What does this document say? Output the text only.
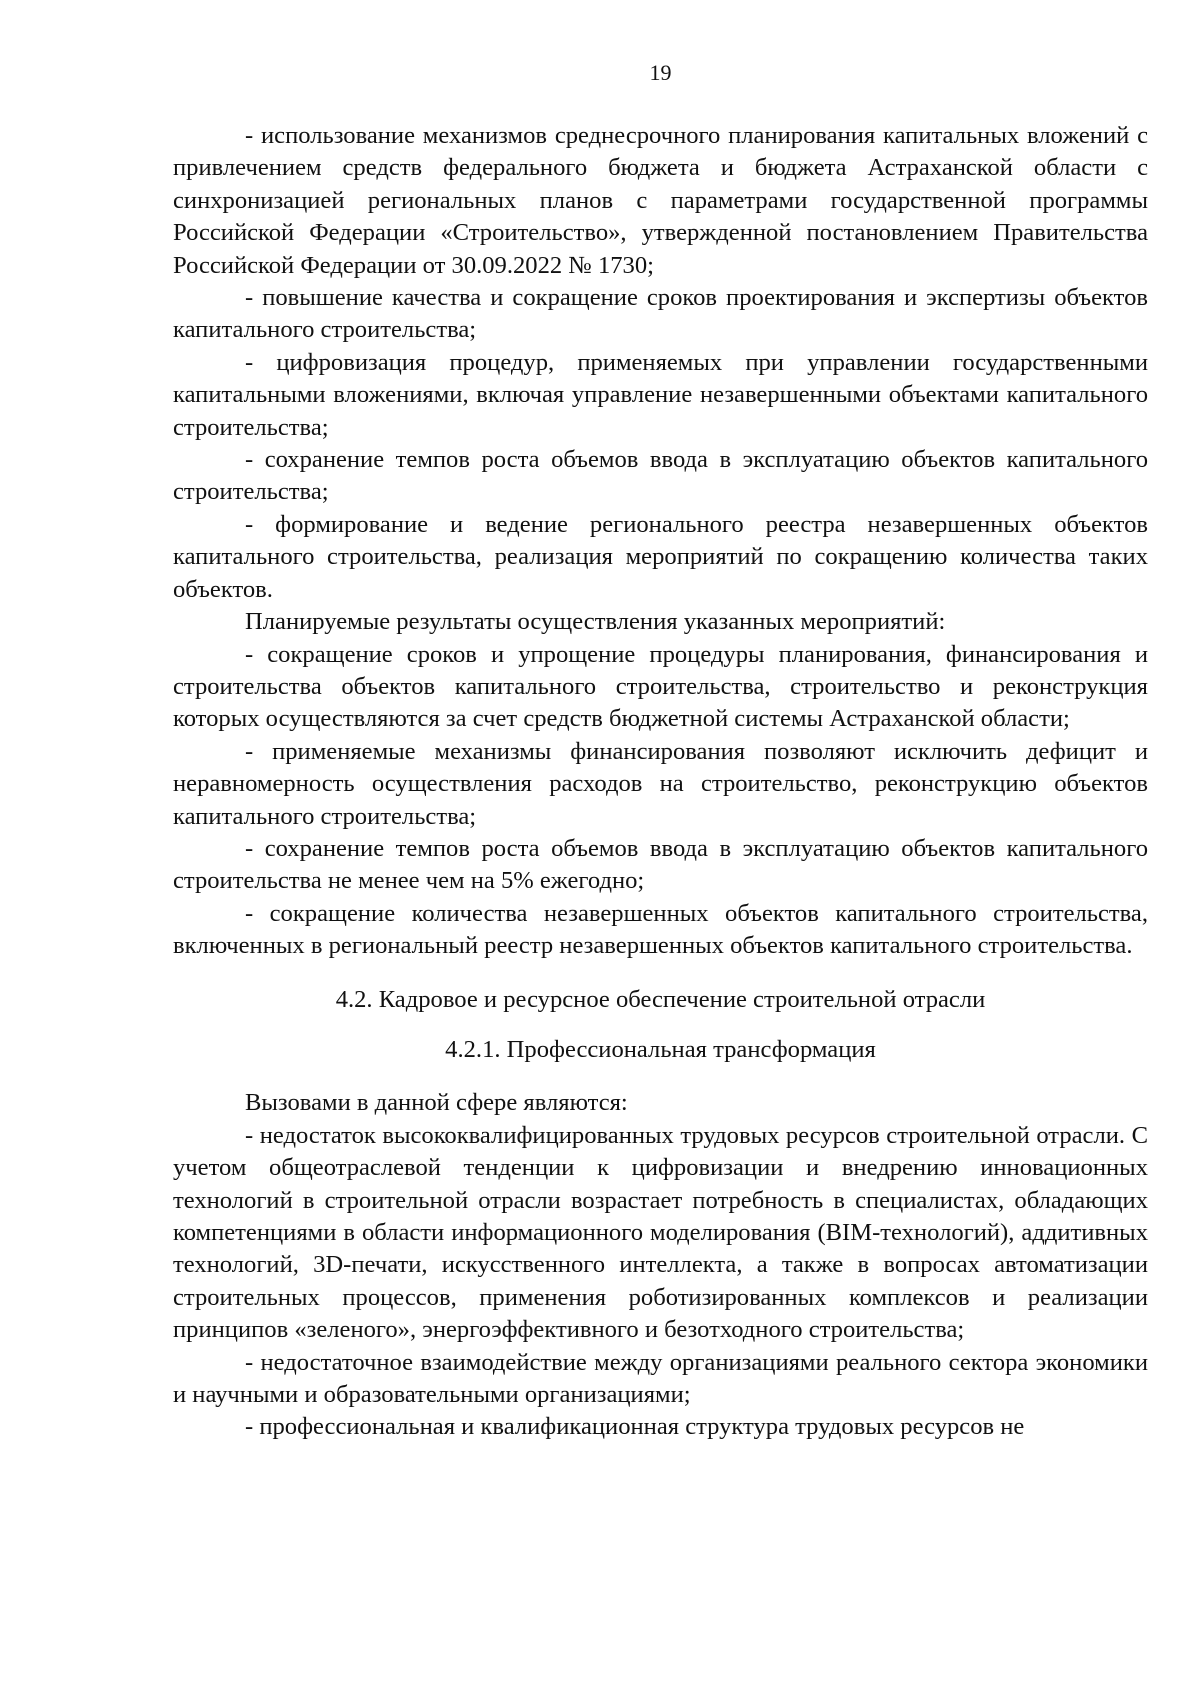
19

- использование механизмов среднесрочного планирования капитальных вложений с привлечением средств федерального бюджета и бюджета Астраханской области с синхронизацией региональных планов с параметрами государственной программы Российской Федерации «Строительство», утвержденной постановлением Правительства Российской Федерации от 30.09.2022 № 1730;

- повышение качества и сокращение сроков проектирования и экспертизы объектов капитального строительства;

- цифровизация процедур, применяемых при управлении государственными капитальными вложениями, включая управление незавершенными объектами капитального строительства;

- сохранение темпов роста объемов ввода в эксплуатацию объектов капитального строительства;

- формирование и ведение регионального реестра незавершенных объектов капитального строительства, реализация мероприятий по сокращению количества таких объектов.

Планируемые результаты осуществления указанных мероприятий:

- сокращение сроков и упрощение процедуры планирования, финансирования и строительства объектов капитального строительства, строительство и реконструкция которых осуществляются за счет средств бюджетной системы Астраханской области;

- применяемые механизмы финансирования позволяют исключить дефицит и неравномерность осуществления расходов на строительство, реконструкцию объектов капитального строительства;

- сохранение темпов роста объемов ввода в эксплуатацию объектов капитального строительства не менее чем на 5% ежегодно;

- сокращение количества незавершенных объектов капитального строительства, включенных в региональный реестр незавершенных объектов капитального строительства.

4.2. Кадровое и ресурсное обеспечение строительной отрасли

4.2.1. Профессиональная трансформация

Вызовами в данной сфере являются:

- недостаток высококвалифицированных трудовых ресурсов строительной отрасли. С учетом общеотраслевой тенденции к цифровизации и внедрению инновационных технологий в строительной отрасли возрастает потребность в специалистах, обладающих компетенциями в области информационного моделирования (BIM-технологий), аддитивных технологий, 3D-печати, искусственного интеллекта, а также в вопросах автоматизации строительных процессов, применения роботизированных комплексов и реализации принципов «зеленого», энергоэффективного и безотходного строительства;

- недостаточное взаимодействие между организациями реального сектора экономики и научными и образовательными организациями;

- профессиональная и квалификационная структура трудовых ресурсов не
